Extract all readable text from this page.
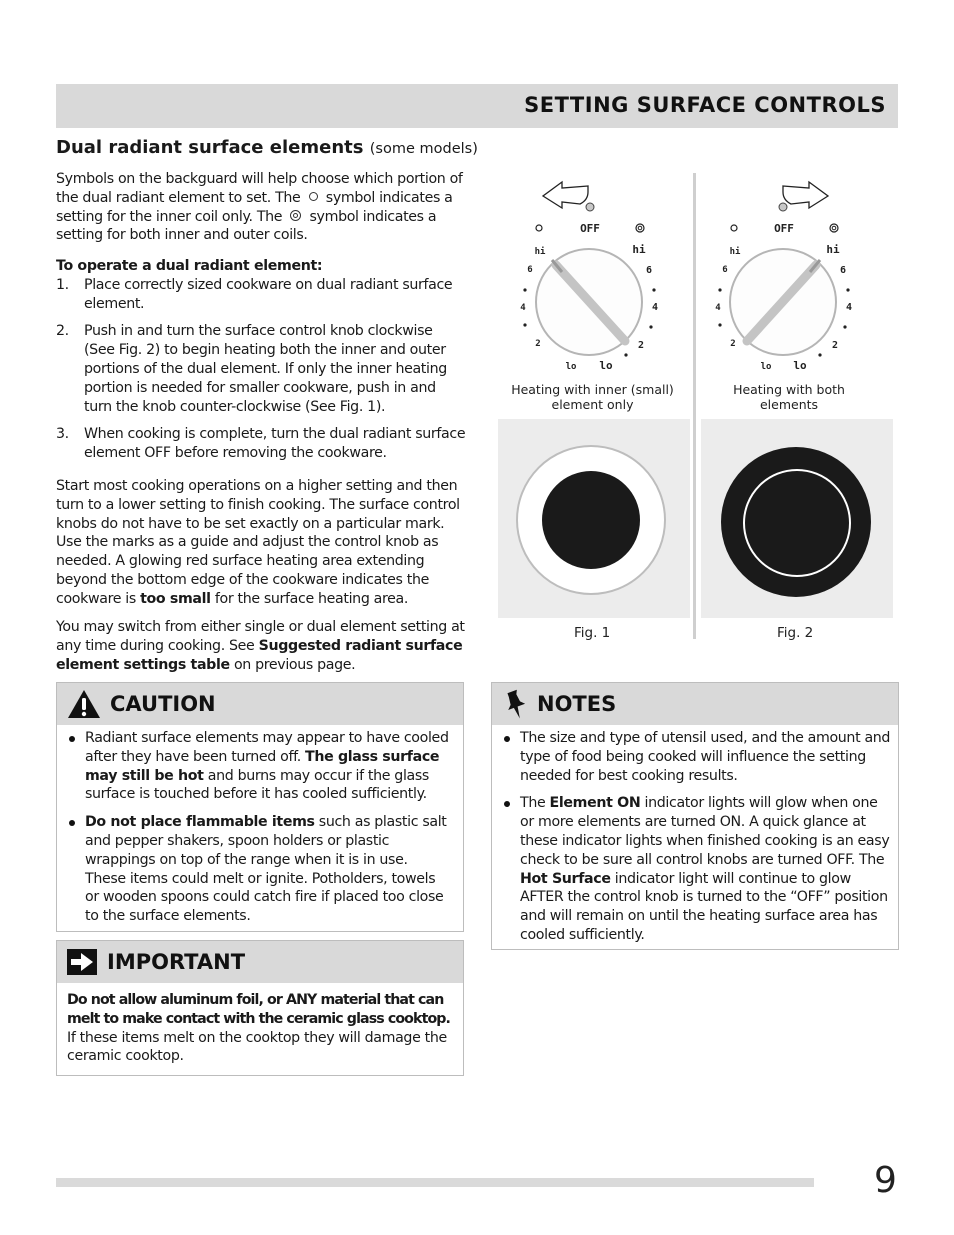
SETTING SURFACE CONTROLS
Dual radiant surface elements (some models)

Symbols on the backguard will help choose which portion of the dual radiant element to set. The symbol indicates a setting for the inner coil only. The symbol indicates a setting for both inner and outer coils.

To operate a dual radiant element:

1. Place correctly sized cookware on dual radiant surface element.
2. Push in and turn the surface control knob clockwise (See Fig. 2) to begin heating both the inner and outer portions of the dual element. If only the inner heating portion is needed for smaller cookware, push in and turn the knob counter-clockwise (See Fig. 1).
3. When cooking is complete, turn the dual radiant surface element OFF before removing the cookware.

Start most cooking operations on a higher setting and then turn to a lower setting to finish cooking. The surface control knobs do not have to be set exactly on a particular mark. Use the marks as a guide and adjust the control knob as needed. A glowing red surface heating area extending beyond the bottom edge of the cookware indicates the cookware is too small for the surface heating area.

You may switch from either single or dual element setting at any time during cooking. See Suggested radiant surface element settings table on previous page.

OFF
hi	hi
6	6
4	4
2	2
lo lo
OFF
hi	hi
6	6
4	4
2	2
lo lo
Heating with inner (small) element only
Heating with both elements
Fig. 1	Fig. 2
CAUTION
Radiant surface elements may appear to have cooled after they have been turned off. The glass surface may still be hot and burns may occur if the glass surface is touched before it has cooled sufficiently.
Do not place flammable items such as plastic salt and pepper shakers, spoon holders or plastic wrappings on top of the range when it is in use. These items could melt or ignite. Potholders, towels or wooden spoons could catch fire if placed too close to the surface elements.
IMPORTANT

Do not allow aluminum foil, or ANY material that can melt to make contact with the ceramic glass cooktop. If these items melt on the cooktop they will damage the ceramic cooktop.

NOTES
The size and type of utensil used, and the amount and type of food being cooked will influence the setting needed for best cooking results.
The Element ON indicator lights will glow when one or more elements are turned ON. A quick glance at these indicator lights when finished cooking is an easy check to be sure all control knobs are turned OFF. The Hot Surface indicator light will continue to glow AFTER the control knob is turned to the “OFF” position and will remain on until the heating surface area has cooled sufficiently.
9
